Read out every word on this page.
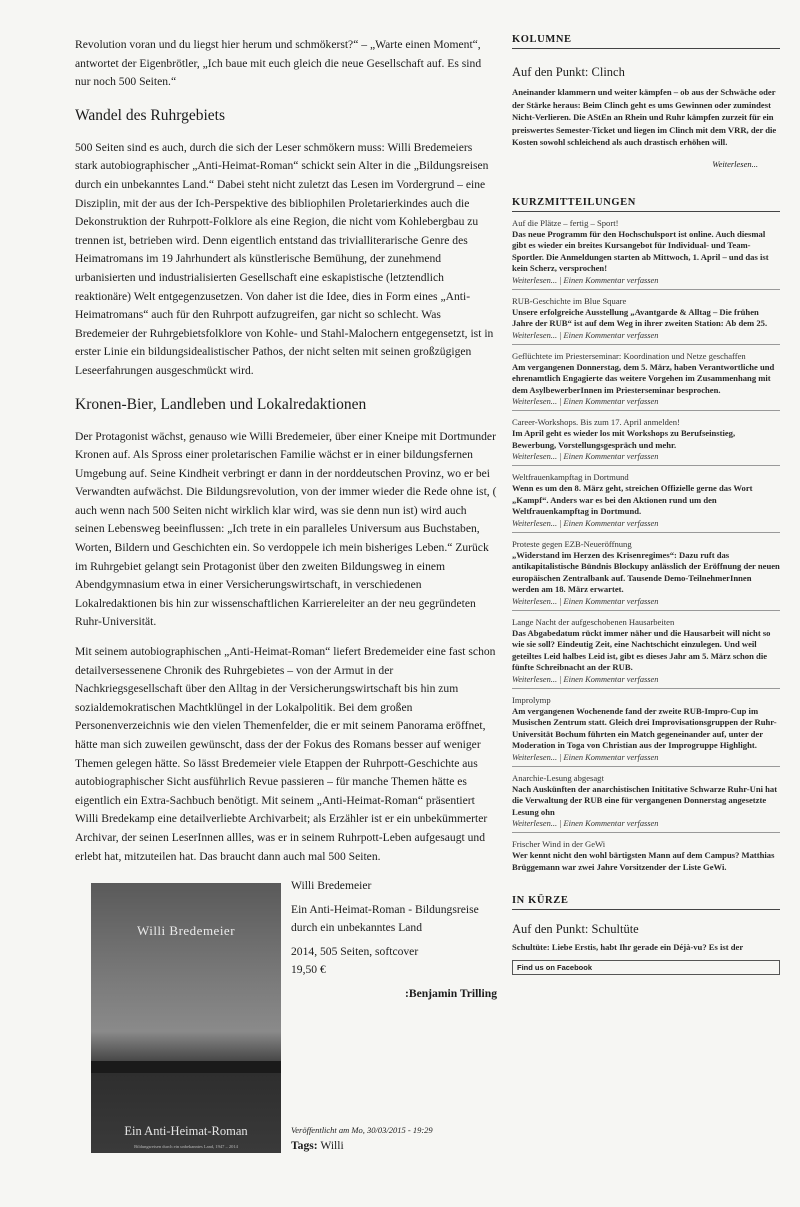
Revolution voran und du liegst hier herum und schmökerst?“ – „Warte einen Moment“, antwortet der Eigenbrötler, „Ich baue mit euch gleich die neue Gesellschaft auf. Es sind nur noch 500 Seiten.“

Wandel des Ruhrgebiets

500 Seiten sind es auch, durch die sich der Leser schmökern muss: Willi Bredemeiers stark autobiographischer „Anti-Heimat-Roman“ schickt sein Alter in die „Bildungsreisen durch ein unbekanntes Land.“ Dabei steht nicht zuletzt das Lesen im Vordergrund – eine Disziplin, mit der aus der Ich-Perspektive des bibliophilen Proletarierkindes auch die Dekonstruktion der Ruhrpott-Folklore als eine Region, die nicht vom Kohlebergbau zu trennen ist, betrieben wird. Denn eigentlich entstand das trivialliterarische Genre des Heimatromans im 19 Jahrhundert als künstlerische Bemühung, der zunehmend urbanisierten und industrialisierten Gesellschaft eine eskapistische (letztendlich reaktionäre) Welt entgegenzusetzen. Von daher ist die Idee, dies in Form eines „Anti-Heimatromans“ auch für den Ruhrpott aufzugreifen, gar nicht so schlecht. Was Bredemeier der Ruhrgebietsfolklore von Kohle- und Stahl-Malochern entgegensetzt, ist in erster Linie ein bildungsidealistischer Pathos, der nicht selten mit seinen großzügigen Leseerfahrungen ausgeschmückt wird.

Kronen-Bier, Landleben und Lokalredaktionen

Der Protagonist wächst, genauso wie Willi Bredemeier, über einer Kneipe mit Dortmunder Kronen auf. Als Spross einer proletarischen Familie wächst er in einer bildungsfernen Umgebung auf. Seine Kindheit verbringt er dann in der norddeutschen Provinz, wo er bei Verwandten aufwächst. Die Bildungsrevolution, von der immer wieder die Rede ohne ist, ( auch wenn nach 500 Seiten nicht wirklich klar wird, was sie denn nun ist) wird auch seinen Lebensweg beeinflussen: „Ich trete in ein paralleles Universum aus Buchstaben, Worten, Bildern und Geschichten ein. So verdoppele ich mein bisheriges Leben.“ Zurück im Ruhrgebiet gelangt sein Protagonist über den zweiten Bildungsweg in einem Abendgymnasium etwa in einer Versicherungswirtschaft, in verschiedenen Lokalredaktionen bis hin zur wissenschaftlichen Karriereleiter an der neu gegründeten Ruhr-Universität.

Mit seinem autobiographischen „Anti-Heimat-Roman“ liefert Bredemeider eine fast schon detailversessenene Chronik des Ruhrgebietes – von der Armut in der Nachkriegsgesellschaft über den Alltag in der Versicherungswirtschaft bis hin zum sozialdemokratischen Machtklüngel in der Lokalpolitik. Bei dem großen Personenverzeichnis wie den vielen Themenfelder, die er mit seinem Panorama eröffnet, hätte man sich zuweilen gewünscht, dass der der Fokus des Romans besser auf weniger Themen gelegen hätte. So lässt Bredemeier viele Etappen der Ruhrpott-Geschichte aus autobiographischer Sicht ausführlich Revue passieren – für manche Themen hätte es eigentlich ein Extra-Sachbuch benötigt. Mit seinem „Anti-Heimat-Roman“ präsentiert Willi Bredekamp eine detailverliebte Archivarbeit; als Erzähler ist er ein unbekümmerter Archivar, der seinen LeserInnen allles, was er in seinem Ruhrpott-Leben aufgesaugt und erlebt hat, mitzuteilen hat. Das braucht dann auch mal 500 Seiten.

Willi Bredemeier
Ein Anti-Heimat-Roman
Bildungsreisen durch ein unbekanntes Land, 1947 – 2014
Willi Bredemeier
Ein Anti-Heimat-Roman - Bildungsreise durch ein unbekanntes Land
2014, 505 Seiten, softcover
19,50 €
:Benjamin Trilling
Veröffentlicht am Mo, 30/03/2015 - 19:29
Tags: Willi
KOLUMNE
Auf den Punkt: Clinch
Aneinander klammern und weiter kämpfen – ob aus der Schwäche oder der Stärke heraus: Beim Clinch geht es ums Gewinnen oder zumindest Nicht-Verlieren. Die AStEn an Rhein und Ruhr kämpfen zurzeit für ein preiswertes Semester-Ticket und liegen im Clinch mit dem VRR, der die Kosten sowohl schleichend als auch drastisch erhöhen will.
Weiterlesen...
KURZMITTEILUNGEN
Auf die Plätze – fertig – Sport!
Das neue Programm für den Hochschulsport ist online. Auch diesmal gibt es wieder ein breites Kursangebot für Individual- und Team-Sportler. Die Anmeldungen starten ab Mittwoch, 1. April – und das ist kein Scherz, versprochen!
Weiterlesen... | Einen Kommentar verfassen
RUB-Geschichte im Blue Square
Unsere erfolgreiche Ausstellung „Avantgarde & Alltag – Die frühen Jahre der RUB“ ist auf dem Weg in ihrer zweiten Station: Ab dem 25.
Weiterlesen... | Einen Kommentar verfassen
Geflüchtete im Priesterseminar: Koordination und Netze geschaffen
Am vergangenen Donnerstag, dem 5. März, haben Verantwortliche und ehrenamtlich Engagierte das weitere Vorgehen im Zusammenhang mit dem AsylbewerberInnen im Priesterseminar besprochen.
Weiterlesen... | Einen Kommentar verfassen
Career-Workshops. Bis zum 17. April anmelden!
Im April geht es wieder los mit Workshops zu Berufseinstieg, Bewerbung, Vorstellungsgespräch und mehr.
Weiterlesen... | Einen Kommentar verfassen
Weltfrauenkampftag in Dortmund
Wenn es um den 8. März geht, streichen Offizielle gerne das Wort „Kampf“. Anders war es bei den Aktionen rund um den Weltfrauenkampftag in Dortmund.
Weiterlesen... | Einen Kommentar verfassen
Proteste gegen EZB-Neueröffnung
„Widerstand im Herzen des Krisenregimes“: Dazu ruft das antikapitalistische Bündnis Blockupy anlässlich der Eröffnung der neuen europäischen Zentralbank auf. Tausende Demo-TeilnehmerInnen werden am 18. März erwartet.
Weiterlesen... | Einen Kommentar verfassen
Lange Nacht der aufgeschobenen Hausarbeiten
Das Abgabedatum rückt immer näher und die Hausarbeit will nicht so wie sie soll? Eindeutig Zeit, eine Nachtschicht einzulegen. Und weil geteiltes Leid halbes Leid ist, gibt es dieses Jahr am 5. März schon die fünfte Schreibnacht an der RUB.
Weiterlesen... | Einen Kommentar verfassen
Improlymp
Am vergangenen Wochenende fand der zweite RUB-Impro-Cup im Musischen Zentrum statt. Gleich drei Improvisationsgruppen der Ruhr-Universität Bochum führten ein Match gegeneinander auf, unter der Moderation in Toga von Christian aus der Improgruppe Highlight.
Weiterlesen... | Einen Kommentar verfassen
Anarchie-Lesung abgesagt
Nach Auskünften der anarchistischen Inititative Schwarze Ruhr-Uni hat die Verwaltung der RUB eine für vergangenen Donnerstag angesetzte Lesung ohn
Weiterlesen... | Einen Kommentar verfassen
Frischer Wind in der GeWi
Wer kennt nicht den wohl bärtigsten Mann auf dem Campus? Matthias Brüggemann war zwei Jahre Vorsitzender der Liste GeWi.
IN KÜRZE
Auf den Punkt: Schultüte
Schultüte: Liebe Erstis, habt Ihr gerade ein Déjà-vu? Es ist der
Find us on Facebook
